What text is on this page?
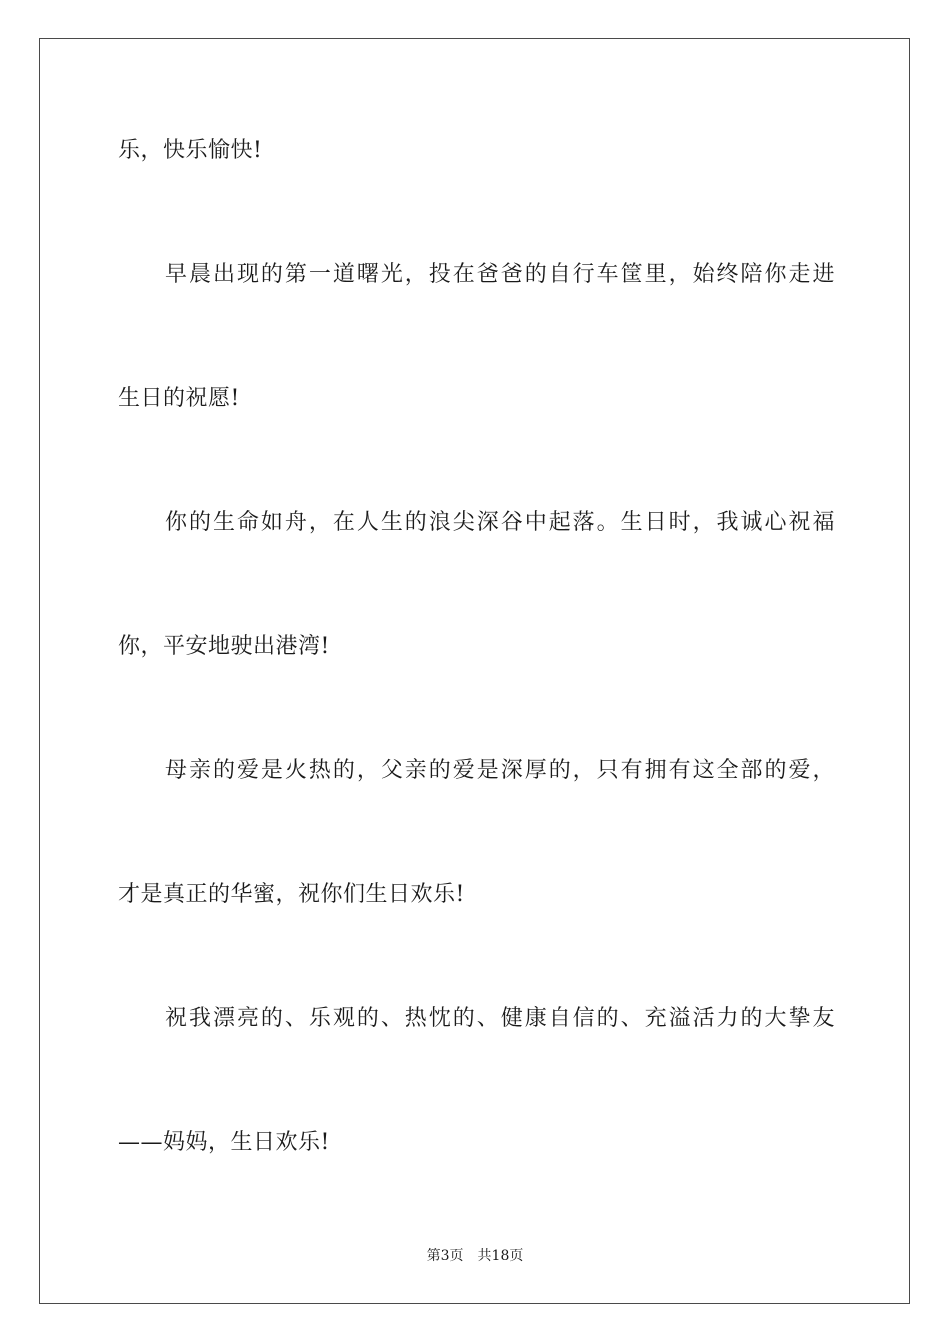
乐，快乐愉快!
早晨出现的第一道曙光，投在爸爸的自行车筐里，始终陪你走进
生日的祝愿!
你的生命如舟，在人生的浪尖深谷中起落。生日时，我诚心祝福
你，平安地驶出港湾!
母亲的爱是火热的，父亲的爱是深厚的，只有拥有这全部的爱，
才是真正的华蜜，祝你们生日欢乐!
祝我漂亮的、乐观的、热忱的、健康自信的、充溢活力的大挚友
——妈妈，生日欢乐!
第3页 共18页
